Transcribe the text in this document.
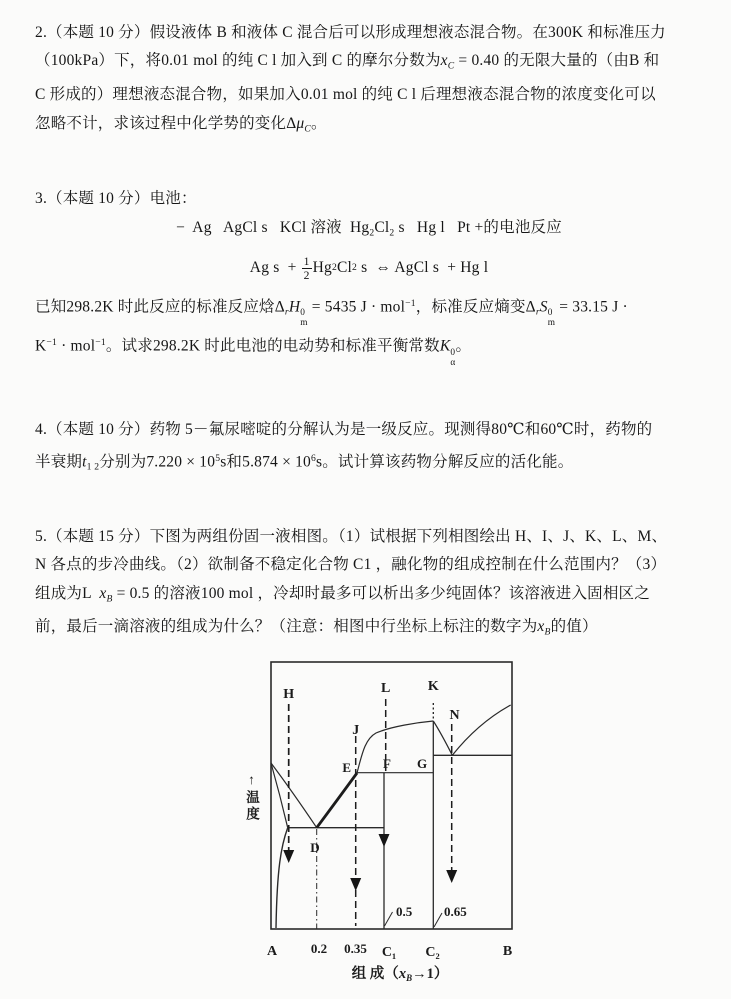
2.（本题 10 分）假设液体 B 和液体 C 混合后可以形成理想液态混合物。在300K 和标准压力
（100kPa）下，将0.01 mol 的纯 C l 加入到 C 的摩尔分数为$x_C = 0.40$ 的无限大量的（由B 和
C 形成的）理想液态混合物，如果加入0.01 mol 的纯 C l 后理想液态混合物的浓度变化可以
忽略不计，求该过程中化学势的变化$\Delta\mu_C$。
3.（本题 10 分）电池：
−  Ag   AgCl s   KCl 溶液  $Hg_2Cl_2$ s   Hg l   Pt +的电池反应
Ag $s + \frac{1}{2}$ Hg 2 Cl 2 s  ⇔ AgCl s  + Hg l
已知298.2K 时此反应的标准反应焓$\Delta_rH$ 0
m
= 5435 J · mol$^{-1}$，标准反应熵变$\Delta_rS$ 0
m
= 33.15 J ·
$K^{-1} \cdot mol^{-1}$。试求298.2K 时此电池的电动势和标准平衡常数K 0
α
。
4.（本题 10 分）药物 5－氟尿嘧啶的分解认为是一级反应。现测得80℃和60℃时，药物的
半衰期$t_{1 2}$分别为$7.220 \times 10^5s$和$5.874 \times 10^6s$。试计算该药物分解反应的活化能。
5.（本题 15 分）下图为两组份固一液相图。（1）试根据下列相图绘出 H、I、J、K、L、M、
N 各点的步冷曲线。（2）欲制备不稳定化合物 C1 ，融化物的组成控制在什么范围内？（3）
组成为L  $x_B = 0.5$ 的溶液100 mol ，冷却时最多可以析出多少纯固体？该溶液进入固相区之
前，最后一滴溶液的组成为什么？（注意：相图中行坐标上标注的数字为$x_B$的值）
H	L	K
N
J
E F G
D
A	0.2 0.35 C₁ C₂	B
0.5 0.65
↑温度
组 成$(x_B\to 1)$
